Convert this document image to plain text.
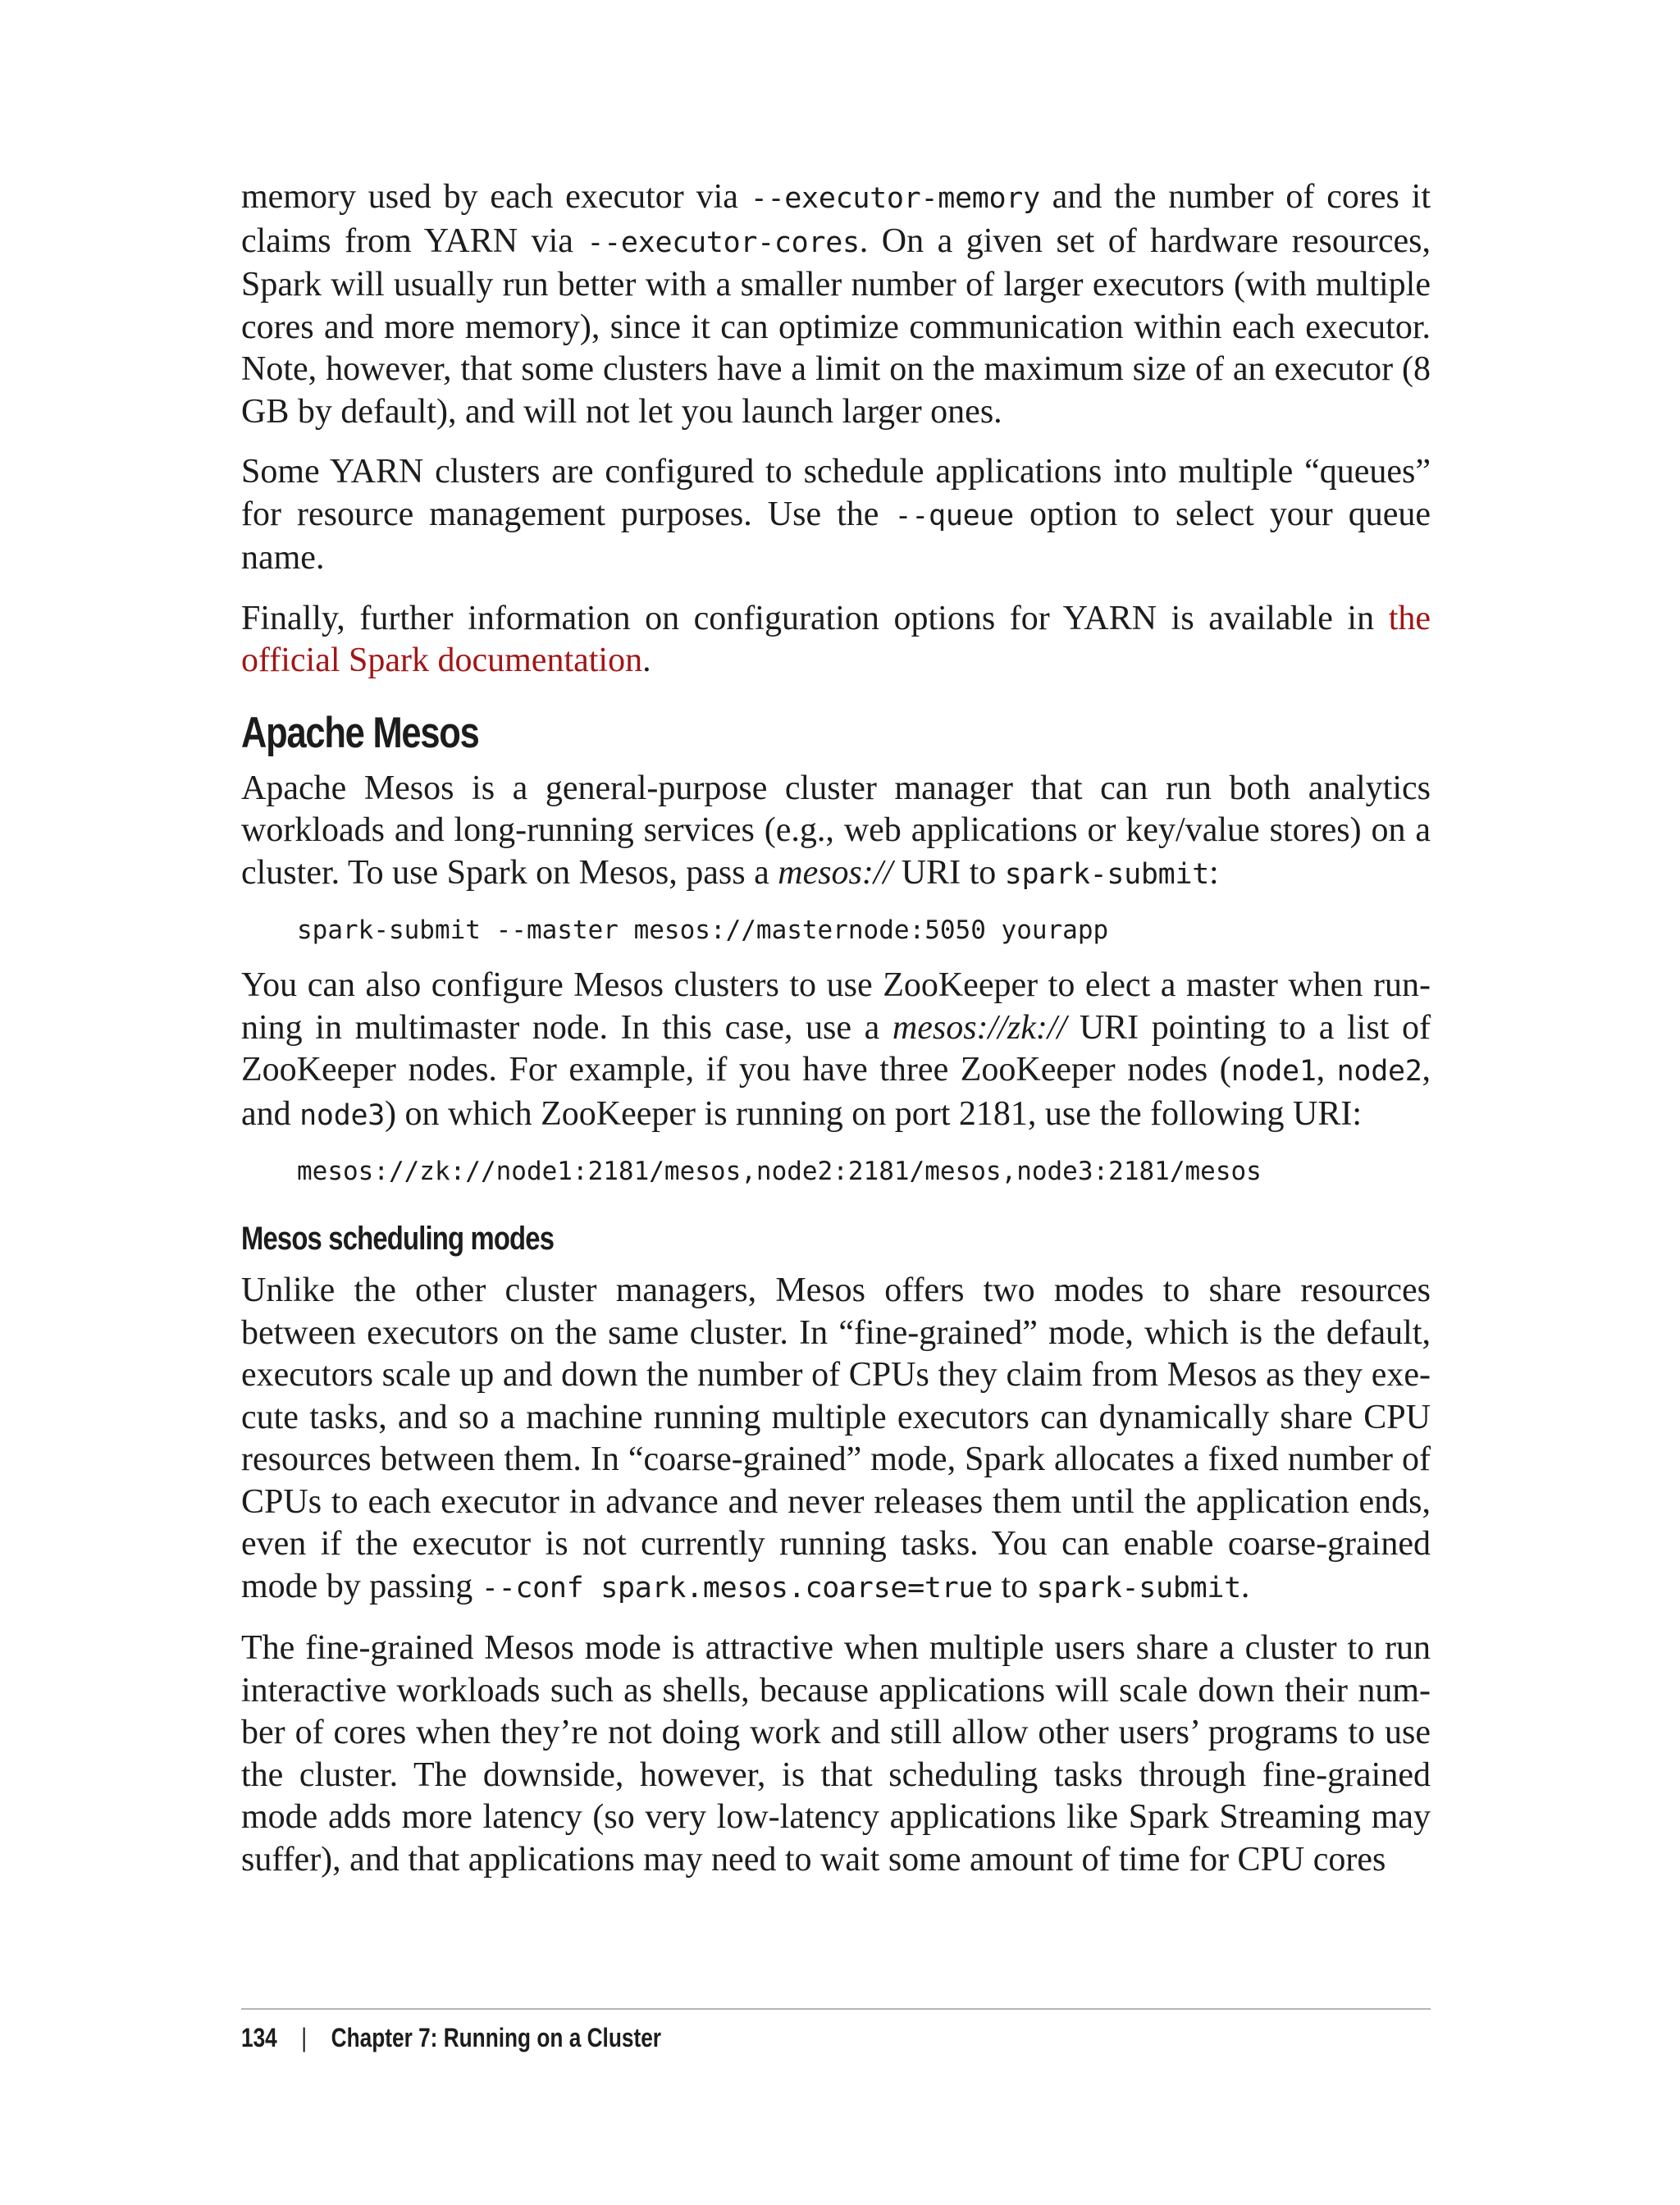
memory used by each executor via --executor-memory and the number of cores it claims from YARN via --executor-cores. On a given set of hardware resources, Spark will usually run better with a smaller number of larger executors (with multiple cores and more memory), since it can optimize communication within each executor. Note, however, that some clusters have a limit on the maximum size of an executor (8 GB by default), and will not let you launch larger ones.

Some YARN clusters are configured to schedule applications into multiple “queues” for resource management purposes. Use the --queue option to select your queue name.

Finally, further information on configuration options for YARN is available in the official Spark documentation.

Apache Mesos

Apache Mesos is a general-purpose cluster manager that can run both analytics workloads and long-running services (e.g., web applications or key/value stores) on a cluster. To use Spark on Mesos, pass a mesos:// URI to spark-submit:

spark-submit --master mesos://masternode:5050 yourapp

You can also configure Mesos clusters to use ZooKeeper to elect a master when running in multimaster node. In this case, use a mesos://zk:// URI pointing to a list of ZooKeeper nodes. For example, if you have three ZooKeeper nodes (node1, node2, and node3) on which ZooKeeper is running on port 2181, use the following URI:

mesos://zk://node1:2181/mesos,node2:2181/mesos,node3:2181/mesos
Mesos scheduling modes

Unlike the other cluster managers, Mesos offers two modes to share resources between executors on the same cluster. In “fine-grained” mode, which is the default, executors scale up and down the number of CPUs they claim from Mesos as they execute tasks, and so a machine running multiple executors can dynamically share CPU resources between them. In “coarse-grained” mode, Spark allocates a fixed number of CPUs to each executor in advance and never releases them until the application ends, even if the executor is not currently running tasks. You can enable coarse-grained mode by passing --conf spark.mesos.coarse=true to spark-submit.

The fine-grained Mesos mode is attractive when multiple users share a cluster to run interactive workloads such as shells, because applications will scale down their number of cores when they’re not doing work and still allow other users’ programs to use the cluster. The downside, however, is that scheduling tasks through fine-grained mode adds more latency (so very low-latency applications like Spark Streaming may suffer), and that applications may need to wait some amount of time for CPU cores

134 | Chapter 7: Running on a Cluster
